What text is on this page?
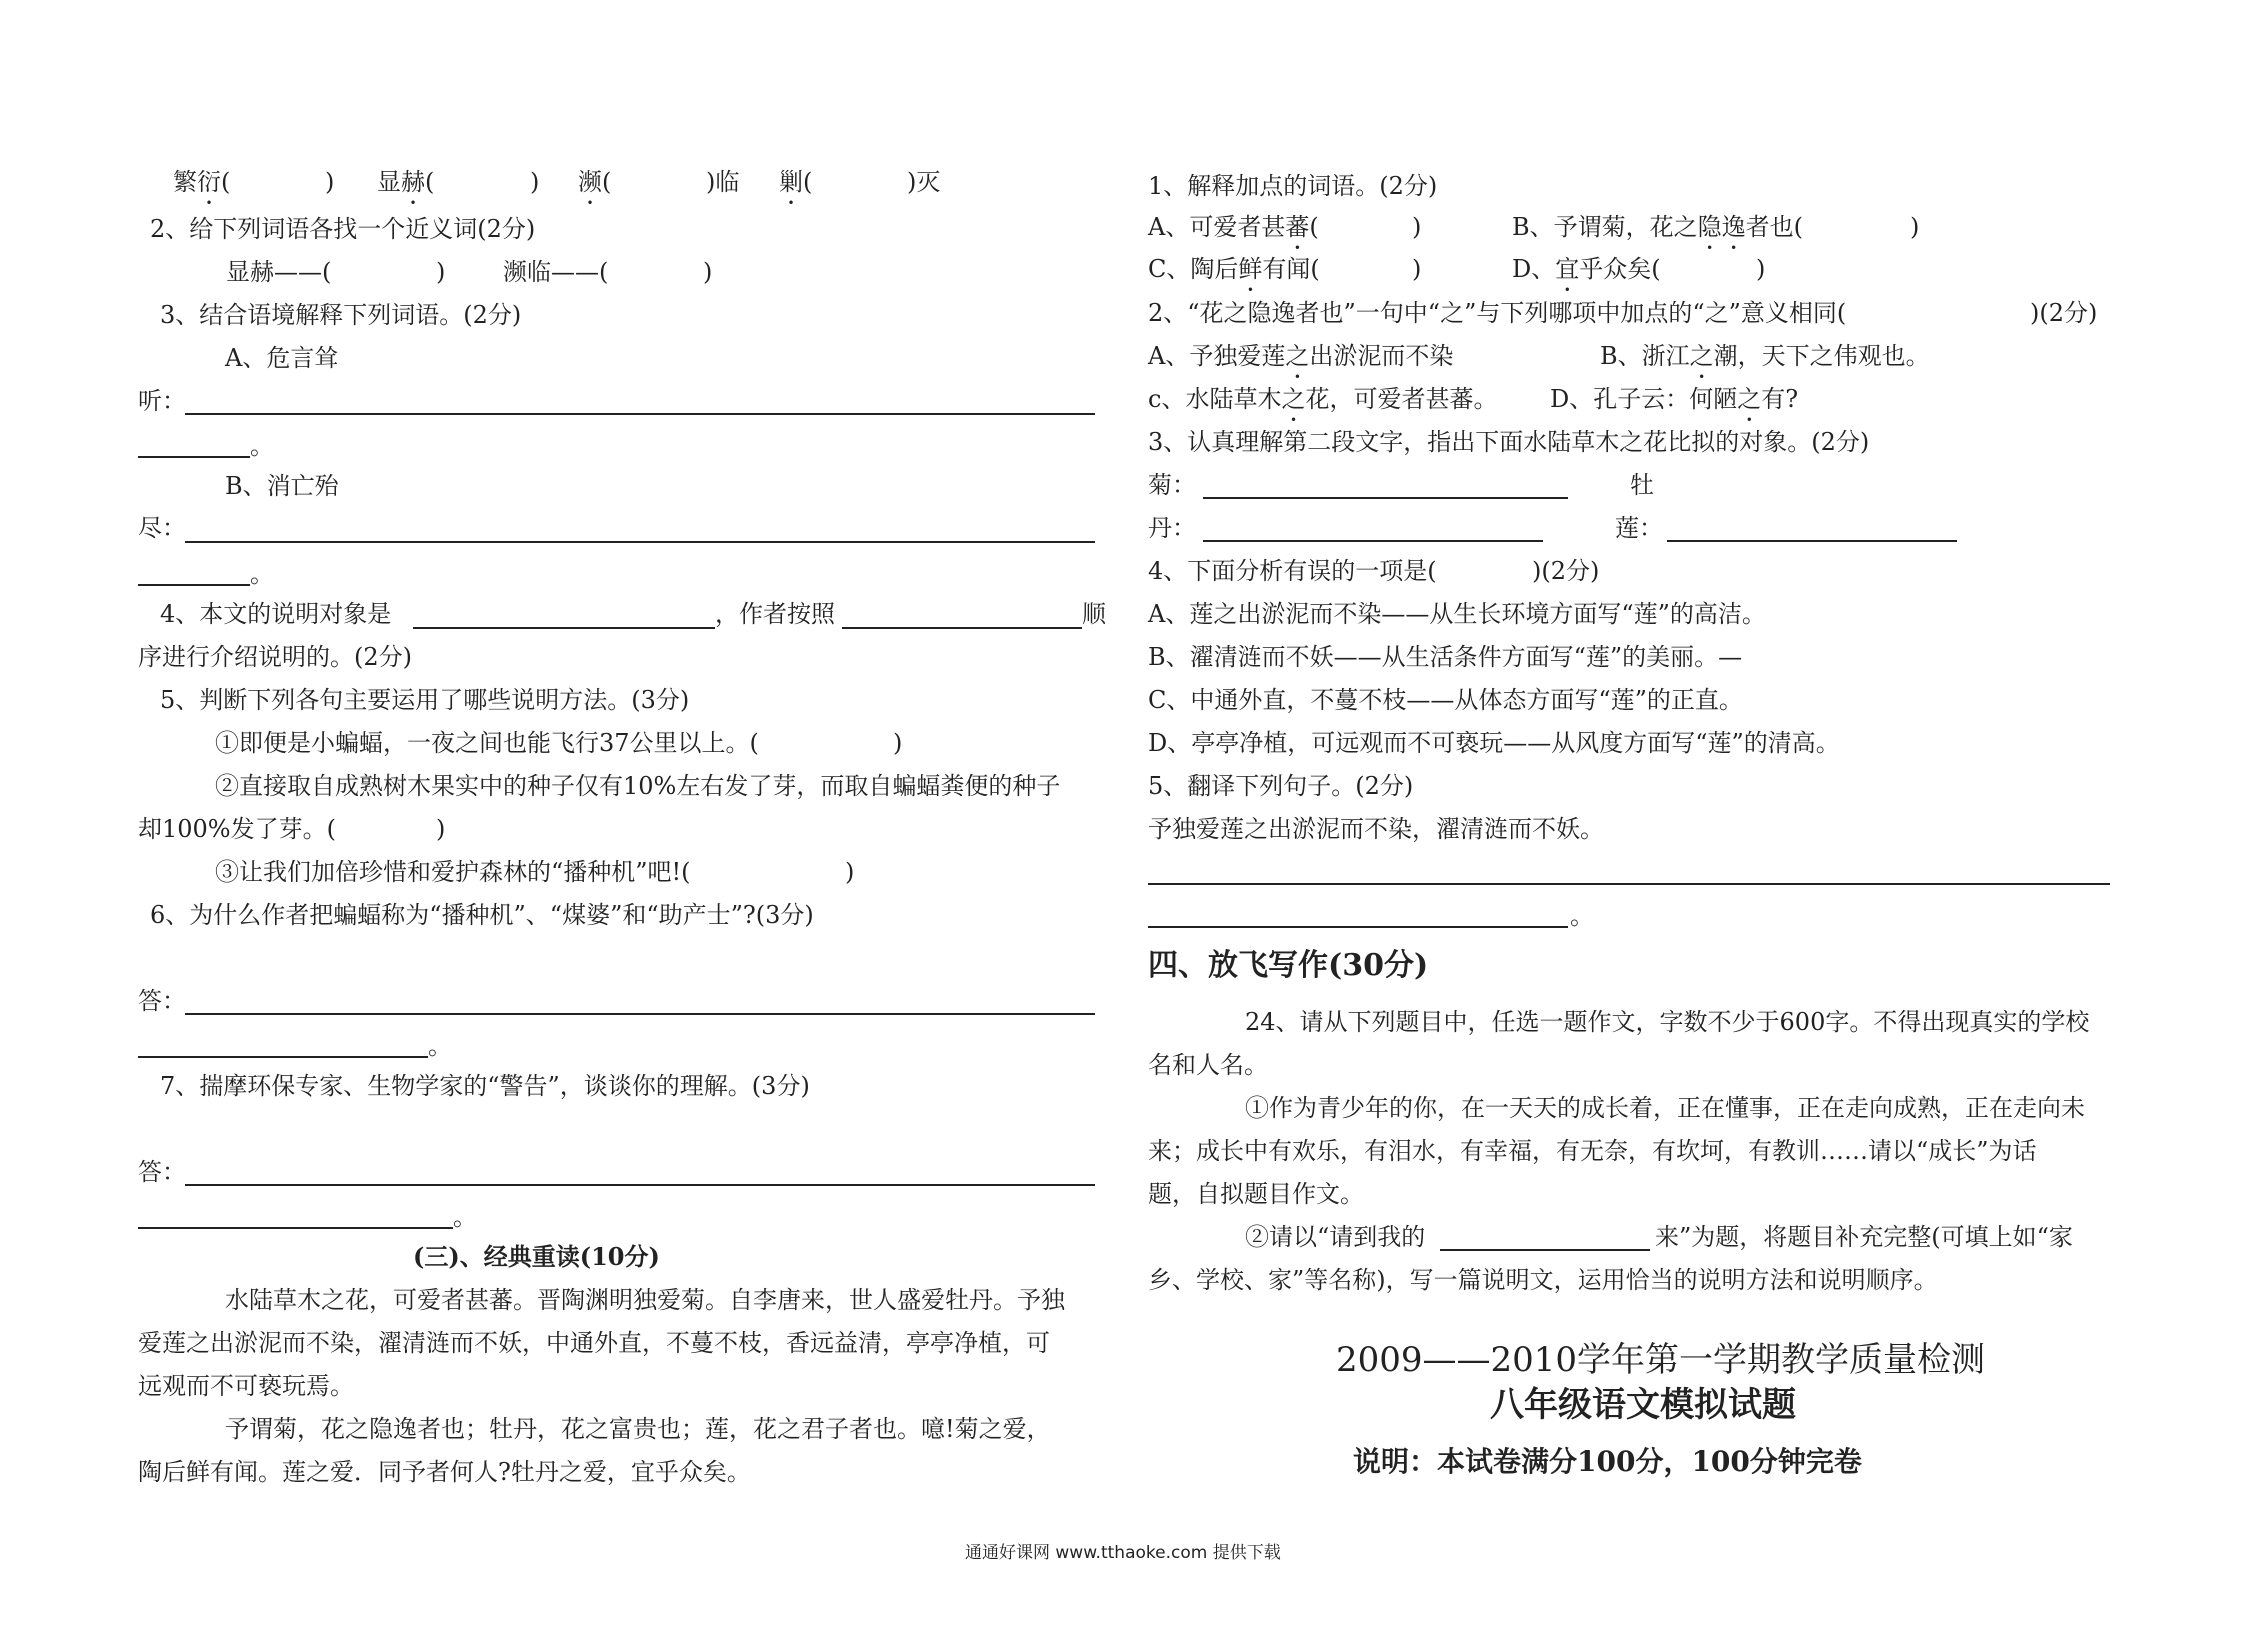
繁衍(	) 显赫(	) 濒(	)临 剿(	)灭
2、给下列词语各找一个近义词(2分)
显赫——(	) 濒临——(	)
3、结合语境解释下列词语。(2分)
A、危言耸
听：
。
B、消亡殆
尽：
。
4、本文的说明对象是	，作者按照	顺
序进行介绍说明的。(2分)
5、判断下列各句主要运用了哪些说明方法。(3分)
①即便是小蝙蝠，一夜之间也能飞行37公里以上。(	)
②直接取自成熟树木果实中的种子仅有10%左右发了芽，而取自蝙蝠粪便的种子
却100%发了芽。(	)
③让我们加倍珍惜和爱护森林的“播种机”吧!(	)
6、为什么作者把蝙蝠称为“播种机”、“煤婆”和“助产士”?(3分)
答：
。
7、揣摩环保专家、生物学家的“警告”，谈谈你的理解。(3分)
答：
。
(三)、经典重读(10分)
水陆草木之花，可爱者甚蕃。晋陶渊明独爱菊。自李唐来，世人盛爱牡丹。予独
爱莲之出淤泥而不染，濯清涟而不妖，中通外直，不蔓不枝，香远益清，亭亭净植，可
远观而不可亵玩焉。
予谓菊，花之隐逸者也；牡丹，花之富贵也；莲，花之君子者也。噫!菊之爱，
陶后鲜有闻。莲之爱．同予者何人?牡丹之爱，宜乎众矣。
1、解释加点的词语。(2分)
A、可爱者甚蕃(	)	B、予谓菊，花之隐逸者也(	)
C、陶后鲜有闻(	)	D、宜乎众矣(	)
2、“花之隐逸者也”一句中“之”与下列哪项中加点的“之”意义相同(	)(2分)
A、予独爱莲之出淤泥而不染	B、浙江之潮，天下之伟观也。
c、水陆草木之花，可爱者甚蕃。 D、孔子云：何陋之有?
3、认真理解第二段文字，指出下面水陆草木之花比拟的对象。(2分)
菊：	牡
丹：	莲：
4、下面分析有误的一项是(	)(2分)
A、莲之出淤泥而不染——从生长环境方面写“莲”的高洁。
B、濯清涟而不妖——从生活条件方面写“莲”的美丽。—
C、中通外直，不蔓不枝——从体态方面写“莲”的正直。
D、亭亭净植，可远观而不可亵玩——从风度方面写“莲”的清高。
5、翻译下列句子。(2分)
予独爱莲之出淤泥而不染，濯清涟而不妖。
。
四、放飞写作(30分)
24、请从下列题目中，任选一题作文，字数不少于600字。不得出现真实的学校
名和人名。
①作为青少年的你，在一天天的成长着，正在懂事，正在走向成熟，正在走向未
来；成长中有欢乐，有泪水，有幸福，有无奈，有坎坷，有教训……请以“成长”为话
题，自拟题目作文。
②请以“请到我的	来”为题，将题目补充完整(可填上如“家
乡、学校、家”等名称)，写一篇说明文，运用恰当的说明方法和说明顺序。
2009——2010学年第一学期教学质量检测
八年级语文模拟试题
说明：本试卷满分100分，100分钟完卷
通通好课网 www.tthaoke.com 提供下载
